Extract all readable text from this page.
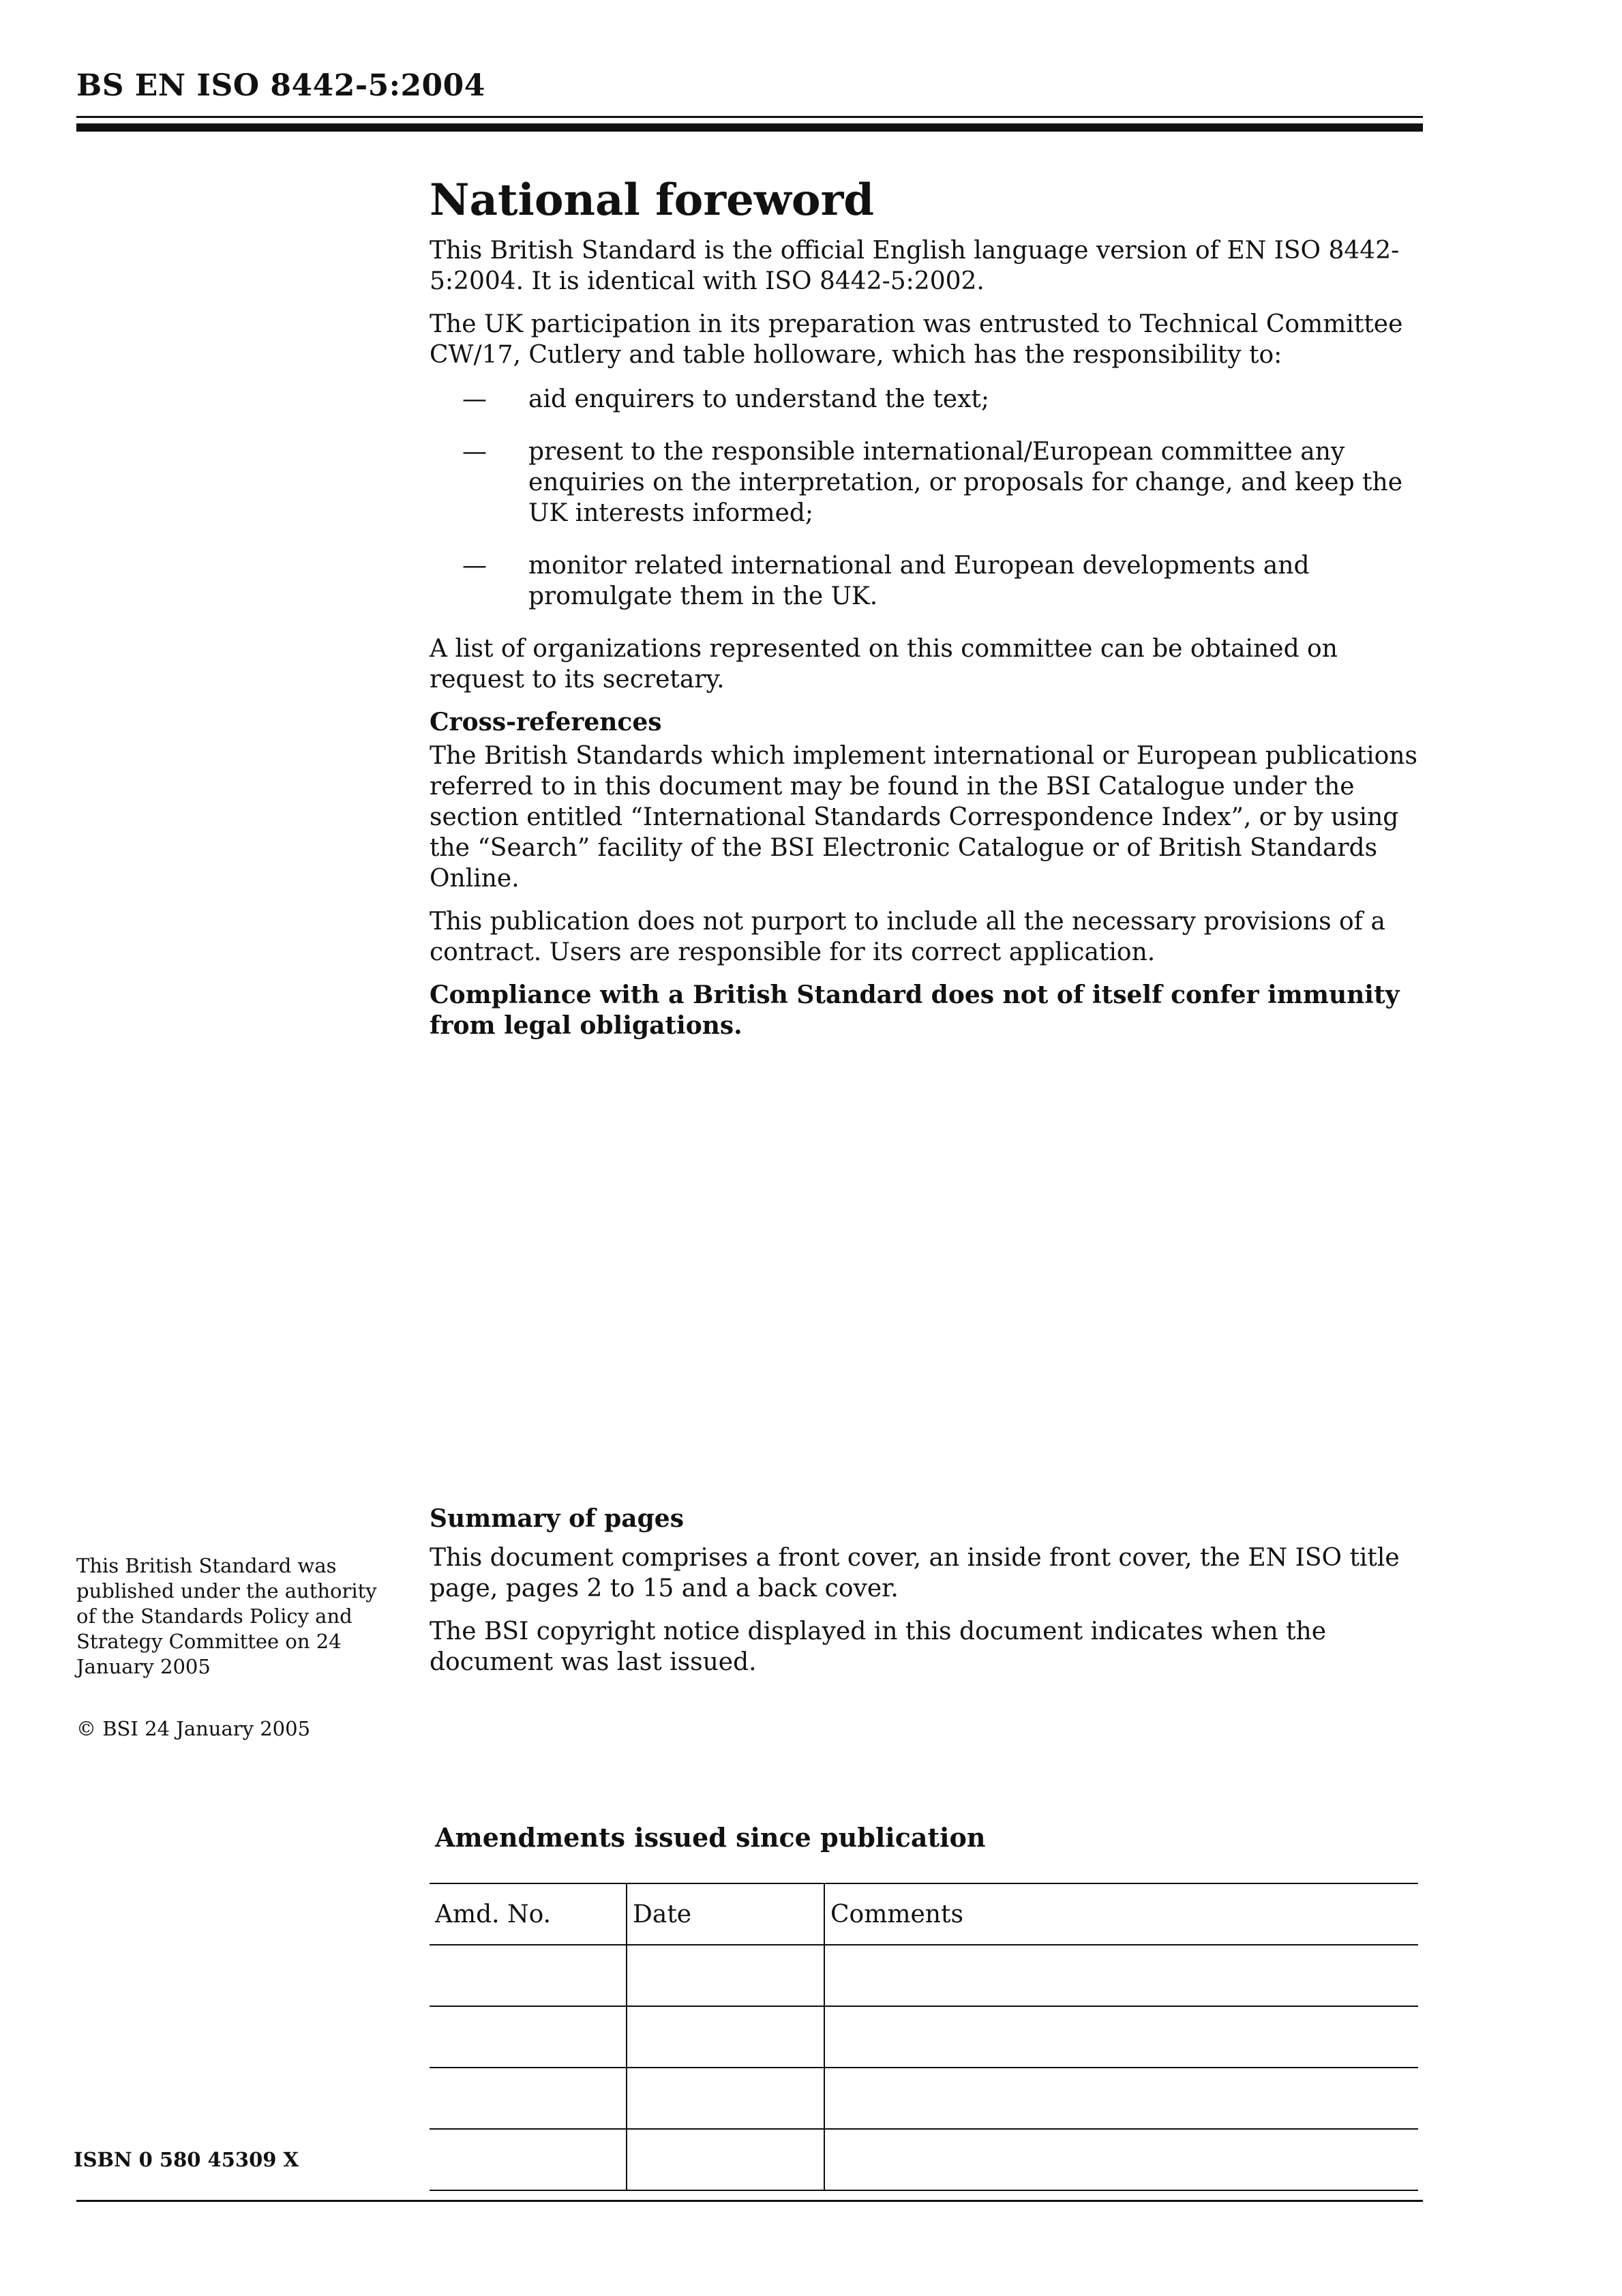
BS EN ISO 8442-5:2004
National foreword

This British Standard is the official English language version of EN ISO 8442-5:2004. It is identical with ISO 8442-5:2002.

The UK participation in its preparation was entrusted to Technical Committee CW/17, Cutlery and table holloware, which has the responsibility to:

— aid enquirers to understand the text;
— present to the responsible international/European committee any enquiries on the interpretation, or proposals for change, and keep the UK interests informed;
— monitor related international and European developments and promulgate them in the UK.

A list of organizations represented on this committee can be obtained on request to its secretary.

Cross-references

The British Standards which implement international or European publications referred to in this document may be found in the BSI Catalogue under the section entitled “International Standards Correspondence Index”, or by using the “Search” facility of the BSI Electronic Catalogue or of British Standards Online.

This publication does not purport to include all the necessary provisions of a contract. Users are responsible for its correct application.

Compliance with a British Standard does not of itself confer immunity from legal obligations.

Summary of pages

This document comprises a front cover, an inside front cover, the EN ISO title page, pages 2 to 15 and a back cover.

The BSI copyright notice displayed in this document indicates when the document was last issued.

This British Standard was published under the authority of the Standards Policy and Strategy Committee on 24 January 2005
© BSI 24 January 2005
ISBN 0 580 45309 X
Amendments issued since publication
Amd. No.	Date	Comments
